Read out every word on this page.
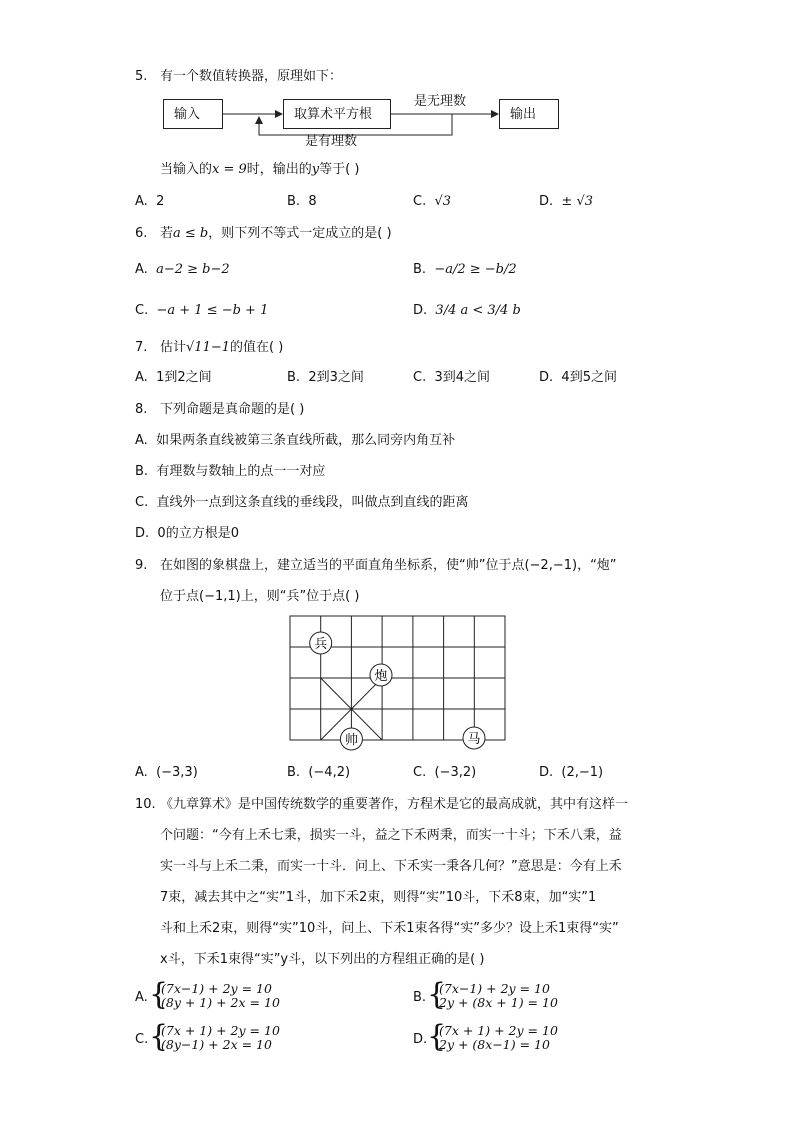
5. 有一个数值转换器，原理如下：
输入	取算术平方根	输出
是无理数
是有理数
当输入的x = 9时，输出的y等于( )
A. 2	B. 8	C. √3	D. ± √3
6. 若a ≤ b，则下列不等式一定成立的是( )
A. a−2 ≥ b−2	B. −a/2 ≥ −b/2
C. −a + 1 ≤ −b + 1	D. 3/4 a < 3/4 b
7. 估计√11−1的值在( )
A. 1到2之间	B. 2到3之间	C. 3到4之间	D. 4到5之间
8. 下列命题是真命题的是( )
A. 如果两条直线被第三条直线所截，那么同旁内角互补
B. 有理数与数轴上的点一一对应
C. 直线外一点到这条直线的垂线段，叫做点到直线的距离
D. 0的立方根是0
9. 在如图的象棋盘上，建立适当的平面直角坐标系，使“帅”位于点(−2,−1)，“炮”
位于点(−1,1)上，则“兵”位于点( )
兵
炮
帅	马
A. (−3,3)	B. (−4,2)	C. (−3,2)	D. (2,−1)
10. 《九章算术》是中国传统数学的重要著作，方程术是它的最高成就，其中有这样一
个问题：“今有上禾七秉，损实一斗，益之下禾两秉，而实一十斗；下禾八秉，益
实一斗与上禾二秉，而实一十斗．问上、下禾实一秉各几何？”意思是：今有上禾
7束，减去其中之“实”1斗，加下禾2束，则得“实”10斗，下禾8束，加“实”1
斗和上禾2束，则得“实”10斗，问上、下禾1束各得“实”多少？设上禾1束得“实”
x斗，下禾1束得“实”y斗，以下列出的方程组正确的是( )
A. {
(7x−1) + 2y = 10
(8y + 1) + 2x = 10	B. {
(7x−1) + 2y = 10
2y + (8x + 1) = 10
C. {
(7x + 1) + 2y = 10
(8y−1) + 2x = 10	D. {
(7x + 1) + 2y = 10
2y + (8x−1) = 10
